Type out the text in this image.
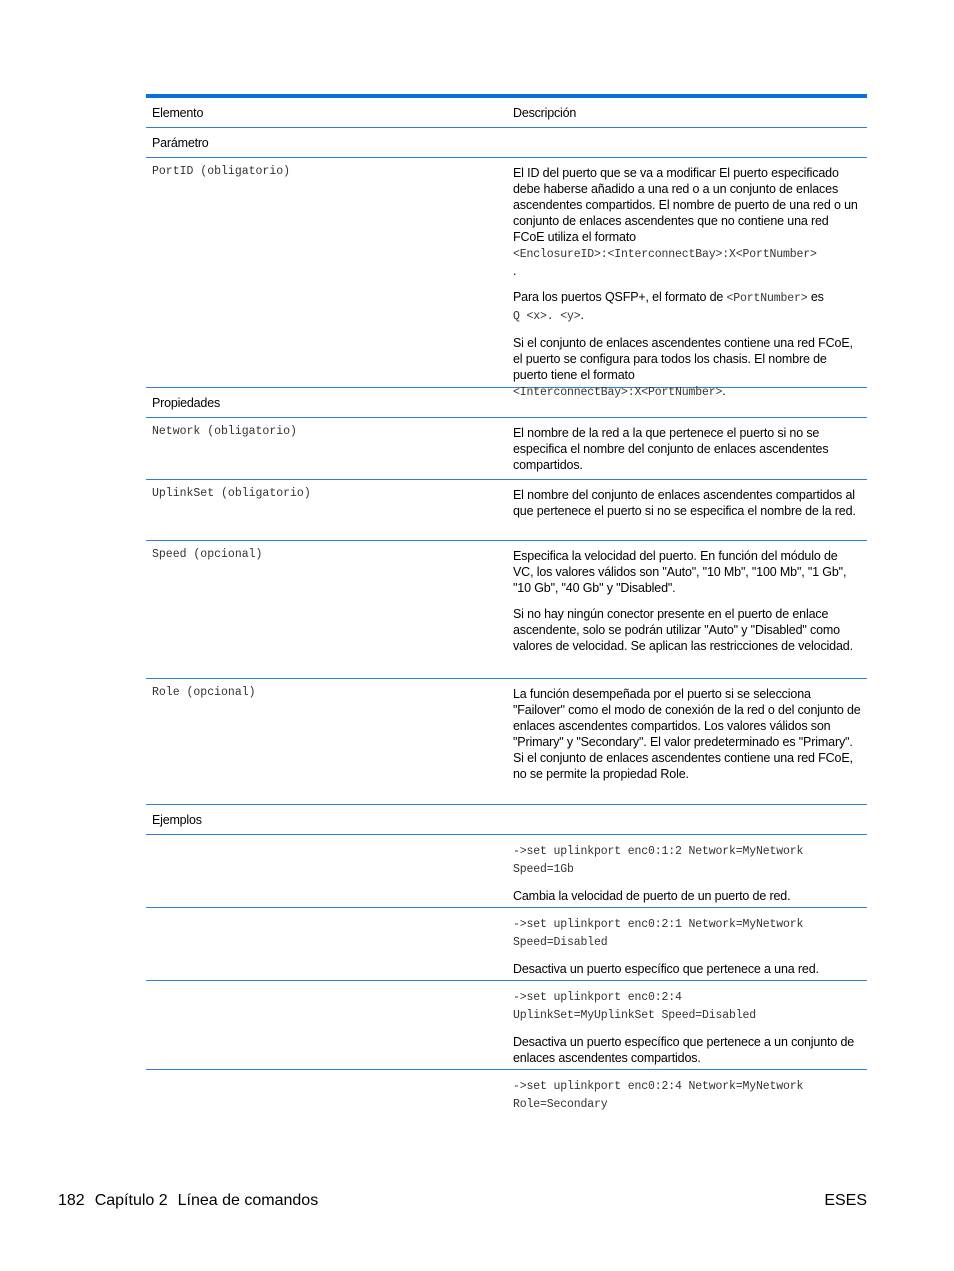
Elemento	Descripción
Parámetro
PortID (obligatorio)	El ID del puerto que se va a modificar El puerto especificado debe haberse añadido a una red o a un conjunto de enlaces ascendentes compartidos. El nombre de puerto de una red o un conjunto de enlaces ascendentes que no contiene una red FCoE utiliza el formato
<EnclosureID>:<InterconnectBay>:X<PortNumber>
.

Para los puertos QSFP+, el formato de <PortNumber> es
Q <x>. <y>.

Si el conjunto de enlaces ascendentes contiene una red FCoE, el puerto se configura para todos los chasis. El nombre de puerto tiene el formato
<InterconnectBay>:X<PortNumber>.

Propiedades
Network (obligatorio)	El nombre de la red a la que pertenece el puerto si no se especifica el nombre del conjunto de enlaces ascendentes compartidos.
UplinkSet (obligatorio)	El nombre del conjunto de enlaces ascendentes compartidos al que pertenece el puerto si no se especifica el nombre de la red.
Speed (opcional)	Especifica la velocidad del puerto. En función del módulo de VC, los valores válidos son "Auto", "10 Mb", "100 Mb", "1 Gb", "10 Gb", "40 Gb" y "Disabled".

Si no hay ningún conector presente en el puerto de enlace ascendente, solo se podrán utilizar "Auto" y "Disabled" como valores de velocidad. Se aplican las restricciones de velocidad.

Role (opcional)	La función desempeñada por el puerto si se selecciona "Failover" como el modo de conexión de la red o del conjunto de enlaces ascendentes compartidos. Los valores válidos son "Primary" y "Secondary". El valor predeterminado es "Primary". Si el conjunto de enlaces ascendentes contiene una red FCoE, no se permite la propiedad Role.
Ejemplos

->set uplinkport enc0:1:2 Network=MyNetwork
Speed=1Gb

Cambia la velocidad de puerto de un puerto de red.

->set uplinkport enc0:2:1 Network=MyNetwork
Speed=Disabled

Desactiva un puerto específico que pertenece a una red.

->set uplinkport enc0:2:4
UplinkSet=MyUplinkSet Speed=Disabled

Desactiva un puerto específico que pertenece a un conjunto de enlaces ascendentes compartidos.

->set uplinkport enc0:2:4 Network=MyNetwork
Role=Secondary

182 Capítulo 2 Línea de comandos	ESES
